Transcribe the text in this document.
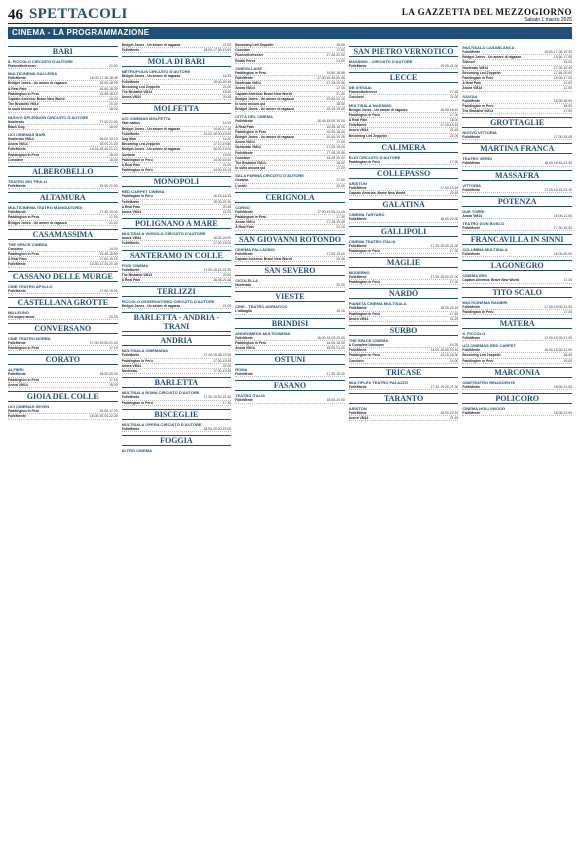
46 SPETTACOLI	LA GAZZETTA DEL MEZZOGIORNO
Sabato 1 marzo 2025
CINEMA - LA PROGRAMMAZIONE
BARI
IL PICCOLO CIRCUITO D'AUTORE
Fiumenthefreezer	21.00
MULTICINEMA GALLERIA
FolleMente	18.00-17.15-18.45
Bridget Jones - Un amore di ragazzo	15.50-18.05
A Real Pain	16.00-18.30
Paddington in Perù	15.55-18.15
Captain America: Brave New World	18.00
The Brutalist VM14	20.30
Io sono ancora qui	18.00
NUOVO SPLENDOR CIRCUITO D'AUTORE
Nosferatu	17.00-21.00
Black Dog	18.00
UCI CINEMAS BARI
Nosferatu VM14	16.00-19.15
Anora VM14	18.00-21.30
FolleMente	16.15-18.40-21.10
Paddington in Perù	16.00
Conclave	18.30
ALBEROBELLO
TEATRO DEI TRULLI
FolleMente	19.00-21.00
ALTAMURA
MULTICINEMA TEATRO MANGIATORDI
FolleMente	17.30-19.30
Paddington in Perù	17.00
Bridget Jones - Un amore di ragazzo	21.00
CASAMASSIMA
THE SPACE CINEMA
Conclave	14.00
Paddington in Perù	15.45-18.50
A Real Pain	17.00-19.15
FolleMente	14.30-17.30-20.30
CASSANO DELLE MURGE
CINE TEATRO APOLLO
FolleMente	17.00-19.00
CASTELLANA GROTTE
MILLEUNO
Chi sogno ancor	20.00
CONVERSANO
CINE TEATRO NORBA
FolleMente	17.00-19.00-21.00
Paddington in Perù	17.15
CORATO
ALFIERI
FolleMente	18.00-20.30
Paddington in Perù	17.15
Anora VM14	19.00
GIOIA DEL COLLE
UCI CINEMAS SEVEN
Paddington in Perù	15.00-17.30
FolleMente	18.00-20.00-22.30
Bridget Jones - Un amore di ragazzo	21.00
FolleMente	18.00-17.35-19.00
MOLA DI BARI
METROPOLIS CIRCUITO D'AUTORE
Bridget Jones - Un amore di ragazzo	16.30
FolleMente	18.40-20.45
Becoming Led Zeppelin	21.00
The Brutalist VM14	18.40
Anora VM14	20.15
MOLFETTA
UCI CINEMAS MOLFETTA
Fast nation	14.10
Bridget Jones - Un amore di ragazzo	14.40-17.10
FolleMente	14.00-16.30-19.00
Dog Man	14.20
Becoming Led Zeppelin	17.10-19.50
Bridget Jones - Un amore di ragazzo	16.00-19.00
Oceania	15.00
Paddington in Perù	14.00-16.40
A Real Pain	21.20
Paddington in Perù	14.00-16.15
MONOPOLI
RED CARPET CINEMA
Paddington in Perù	16.15-18.15
FolleMente	18.30-21.30
A Real Pain	20.45
Anora VM14	21.00
POLIGNANO A MARE
MULTISALA VIGNOLA CIRCUITO D'AUTORE
Anora VM14	18.00-20.00
FolleMente	17.00-19.00
SANTERAMO IN COLLE
PODI CINEMA
FolleMente	17.00-19.15-21.30
The Brutalist VM14	20.00
A Real Pain	18.45-21.45
TERLIZZI
PICCOLO OSSERVATORIO CIRCUITO D'AUTORE
Bridget Jones - Un amore di ragazzo	21.00
BARLETTA - ANDRIA - TRANI
ANDRIA
MULTISALA CINEMANIA
FolleMente	17.30-19.45-22.00
Paddington in Perù	17.30-19.45
Anora VM14	22.00
Nosferatu	17.30-19.30
BARLETTA
MULTISALA ROMA CIRCUITO D'AUTORE
FolleMente	17.30-19.30-21.30
Paddington in Perù	17.30
BISCEGLIE
MULTISALA OPERA CIRCUITO D'AUTORE
FolleMente	18.00-20.00-22.00
FOGGIA
ALTRO CINEMA
Becoming Led Zeppelin	18.00
Conclave	17.00
Fiumenthefreezer	17.30-20.00
Emilia Perez	21.00
CINEVILLAGE
Paddington in Perù	16.50-18.55
FolleMente	17.00-18.40-20.45
Nosferatu VM14	17.15-19.45
Anora VM14	17.15
Captain America: Brave New World	21.30
Bridget Jones - Un amore di ragazzo	19.50-20.15
Io sono ancora qui	18.00
Bridget Jones - Un amore di ragazzo	16.15-19.00
CITTÀ DEL CINEMA
FolleMente	16.45-18.00-19.00
A Real Pain	16.45-18.05
Paddington in Perù	16.30-18.00
Bridget Jones - Un amore di ragazzo	16.40-19.25
Anora VM14	17.00
Nosferatu VM14	17.00-19.15
FolleMente	17.05-19.45
Conclave	18.30-20.00
The Brutalist VM14	18.00
Io sono ancora qui	17.20
SALA FARINA CIRCUITO D'AUTORE
Oceania	17.00
L'orafo	20.00
CERIGNOLA
CORSO
FolleMente	17.00-19.05-21.15
Paddington in Perù	17.30
Anora VM14	17.15-19.05
A Real Pain	21.15
SAN GIOVANNI ROTONDO
CINEMA PALLADINO
FolleMente	17.00-19.00
Captain America: Brave New World	20.45
SAN SEVERO
CICOLELLA
Nosferatu	20.00
VIESTE
CINE - TEATRO ADRIATICO
L'abbaglio	19.15
BRINDISI
ANDROMEDA MULTICINEMA
FolleMente	16.00-18.00-20.00
Paddington in Perù	16.00-18.00
Anora VM14	18.00-21.00
OSTUNI
ROMA
FolleMente	17.30-19.30
FASANO
TEATRO ITALIA
FolleMente	18.00-20.00
SAN PIETRO VERNOTICO
MASSIMO - CIRCUITO D'AUTORE
FolleMente	19.00-21.00
LECCE
DB D'ESSAI
Fiumenthefreezer	17.45
Conclave	21.00
MULTISALA MASSIMO
Bridget Jones - Un amore di ragazzo	16.00-18.40
Paddington in Perù	17.00
A Real Pain	18.00
FolleMente	17.15-19.15
Anora VM14	21.45
Becoming Led Zeppelin	21.00
CALIMERA
ELIO CIRCUITO D'AUTORE
Paddington in Perù	17.30
COLLEPASSO
ARISTON
FolleMente	17.00-19.45
Captain America: Brave New World	20.45
GALATINA
CINEMA TARTARO
FolleMente	18.00-20.00
GALLIPOLI
CINEMA TEATRO ITALIA
FolleMente	17.30-19.30-21.30
Paddington in Perù	17.30
MAGLIE
MODERNO
FolleMente	17.00-19.00-21.00
Paddington in Perù	17.00
NARDÒ
PIANETA CINEMA MULTISALA
FolleMente	18.00-20.15
Paddington in Perù	17.45
Anora VM14	21.25
SURBO
THE SPACE CINEMA
A Complete Unknown	15.25
FolleMente	14.00-16.50-19.40
Paddington in Perù	14.10-16.30
Conclave	14.00
TRICASE
MULTIPLEX TEATRO PALAZZO
FolleMente	17.30-19.30-21.30
TARANTO
ARISTON
FolleMente	18.00-20.15
Anora VM14	21.15
MULTISALA CASABLANCA
FolleMente	15.50-17.05-19.30
Bridget Jones - Un amore di ragazzo	15.50-17.05
Silence!	15.00
Nosferatu VM14	17.00-19.45
Becoming Led Zeppelin	17.45-20.00
Paddington in Perù	15.00-17.00
A Real Pain	21.00
Anora VM14	21.00
SAVOIA
FolleMente	16.00-18.00
Paddington in Perù	18.30
The Brutalist VM14	17.00
GROTTAGLIE
NUOVO VITTORIA
FolleMente	17.00-18.45
MARTINA FRANCA
TEATRO VERDI
FolleMente	18.00-18.45-21.30
MASSAFRA
VITTORIA
FolleMente	17.15-19.15-21.15
POTENZA
DUE TORRI
Anora VM14	18.00-21.00
TEATRO DON BOSCO
FolleMente	17.30-19.30
FRANCAVILLA IN SINNI
COLUMBIA MULTISALA
FolleMente	18.00-20.00
LAGONEGRO
CINEMA IRIS
Captain America: Brave New World	17.30
TITO SCALO
MULTICINEMA RANIERI
FolleMente	17.00-19.00-21.00
Paddington in Perù	17.45
MATERA
IL PICCOLO
FolleMente	17.00-19.00-21.00
UCI CINEMAS RED CARPET
FolleMente	16.00-18.30-21.00
Becoming Led Zeppelin	18.30
Paddington in Perù	16.00
MARCONIA
CINETEATRO RINASCENTE
FolleMente	18.00-21.00
POLICORO
CINEMA HOLLYWOOD
FolleMente	18.00-21.00
